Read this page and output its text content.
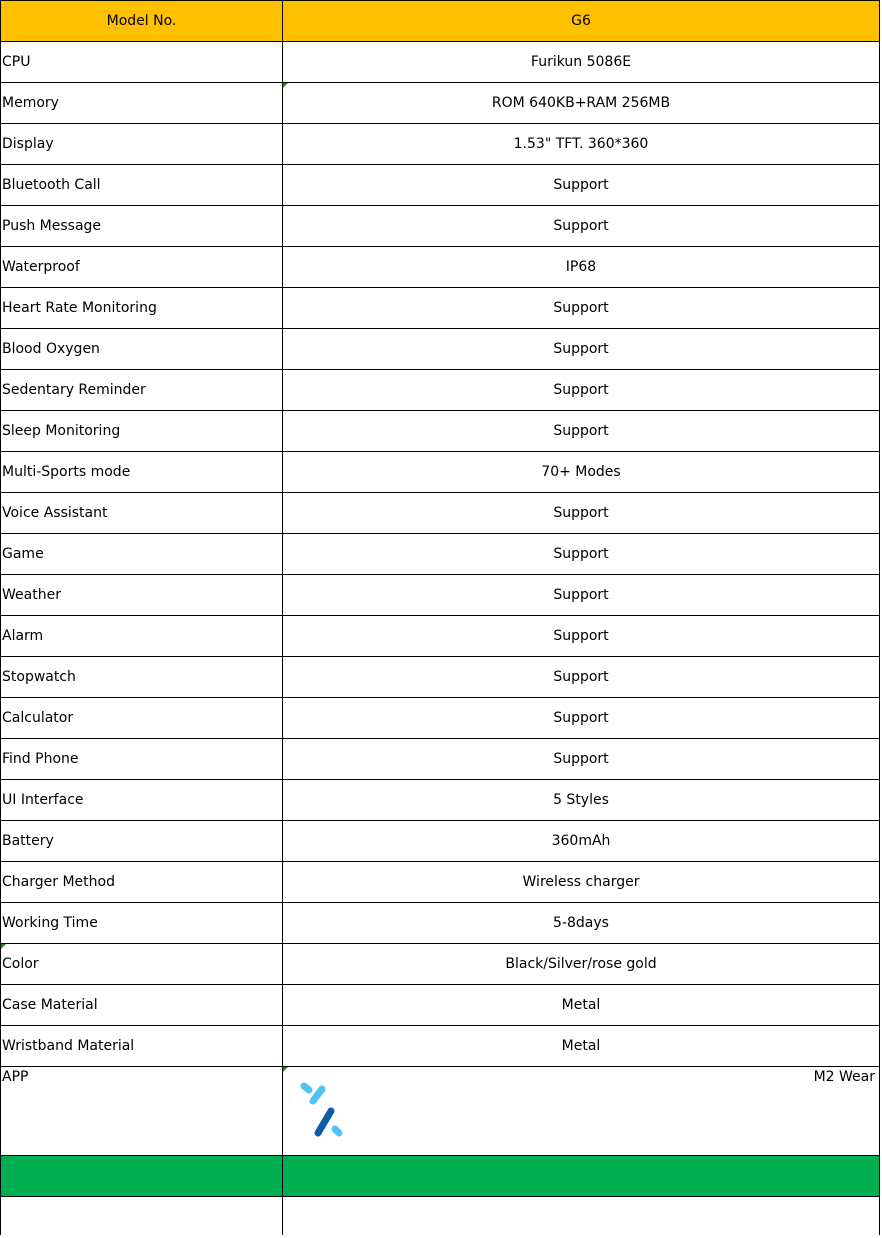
Model No.	G6
CPU	Furikun 5086E
Memory	ROM 640KB+RAM 256MB
Display	1.53" TFT. 360*360
Bluetooth Call	Support
Push Message	Support
Waterproof	IP68
Heart Rate Monitoring	Support
Blood Oxygen	Support
Sedentary Reminder	Support
Sleep Monitoring	Support
Multi-Sports mode	70+ Modes
Voice Assistant	Support
Game	Support
Weather	Support
Alarm	Support
Stopwatch	Support
Calculator	Support
Find Phone	Support
UI Interface	5 Styles
Battery	360mAh
Charger Method	Wireless charger
Working Time	5-8days
Color	Black/Silver/rose gold
Case Material	Metal
Wristband Material	Metal
APP	M2 Wear
